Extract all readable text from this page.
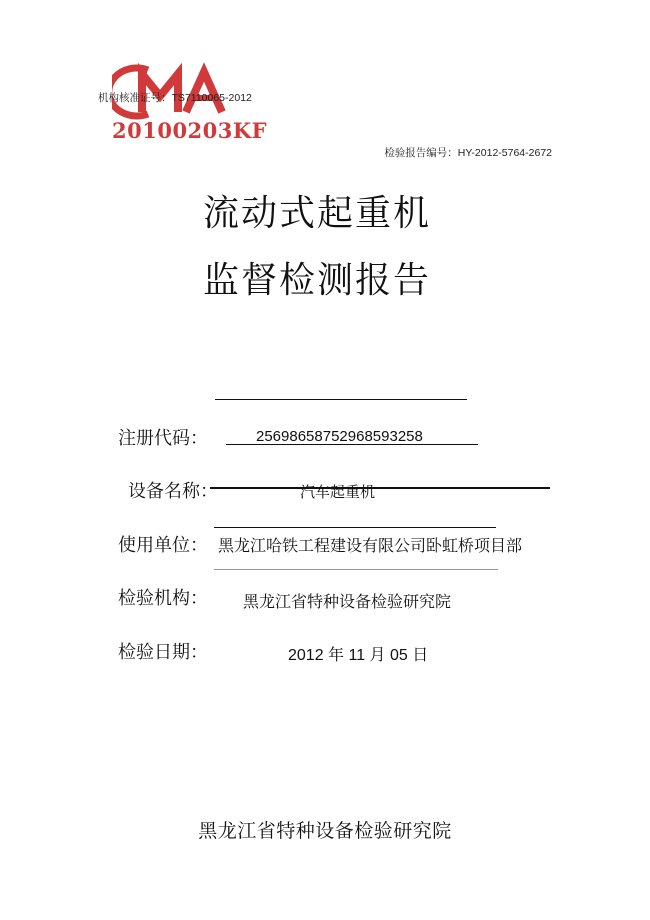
20100203KF
机构核准证号：TS7110065-2012
检验报告编号：HY-2012-5764-2672
流动式起重机
监督检测报告
注册代码：	25698658752968593258
设备名称：	汽车起重机
使用单位： 黑龙江哈铁工程建设有限公司卧虹桥项目部
检验机构： 黑龙江省特种设备检验研究院
检验日期：	2012 年 11 月 05 日
黑龙江省特种设备检验研究院
